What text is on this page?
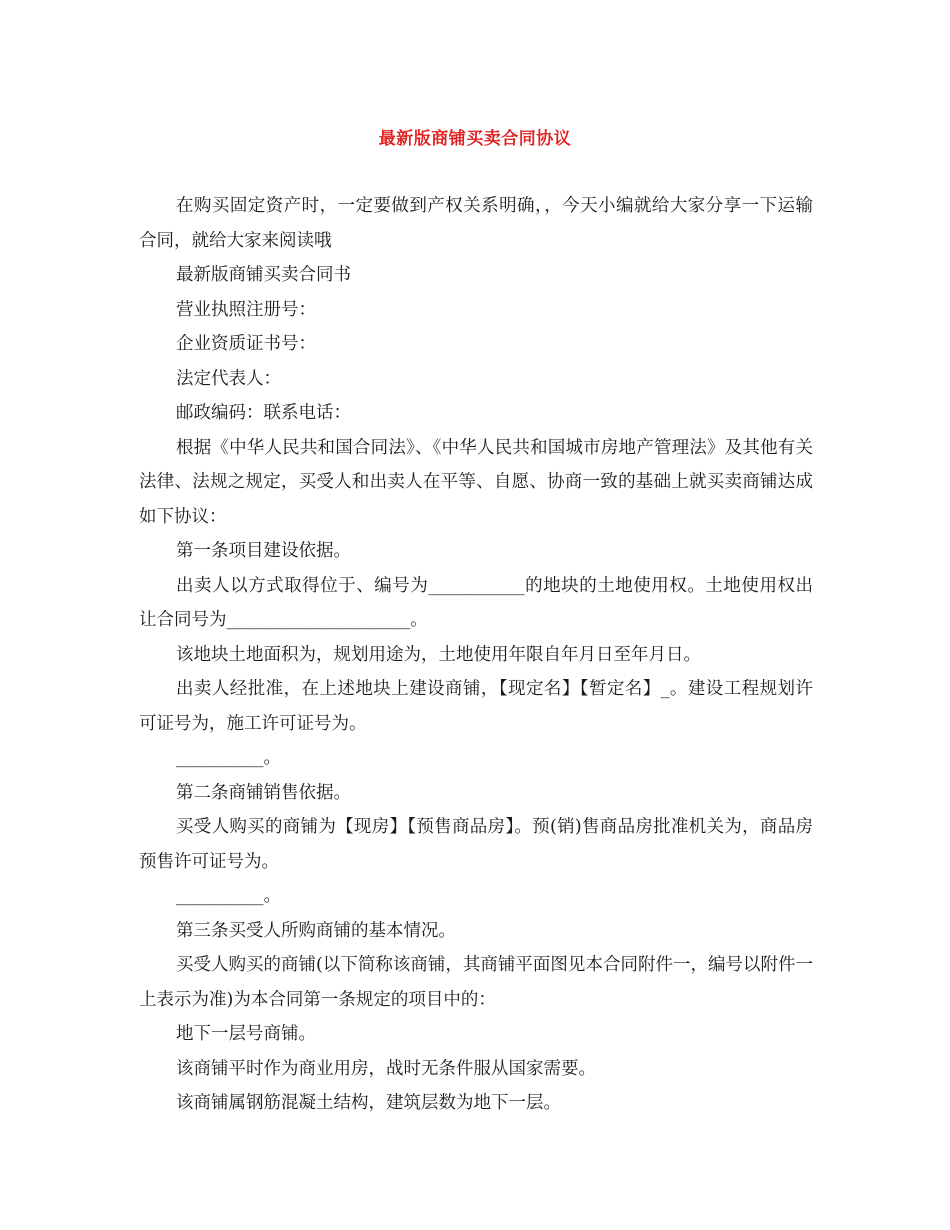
最新版商铺买卖合同协议

在购买固定资产时，一定要做到产权关系明确，，今天小编就给大家分享一下运输合同，就给大家来阅读哦

最新版商铺买卖合同书

营业执照注册号：

企业资质证书号：

法定代表人：

邮政编码：联系电话：

根据《中华人民共和国合同法》、《中华人民共和国城市房地产管理法》及其他有关法律、法规之规定，买受人和出卖人在平等、自愿、协商一致的基础上就买卖商铺达成如下协议：

第一条项目建设依据。

出卖人以方式取得位于、编号为___________的地块的土地使用权。土地使用权出让合同号为_____________________。

该地块土地面积为，规划用途为，土地使用年限自年月日至年月日。

出卖人经批准，在上述地块上建设商铺，【现定名】【暂定名】_。建设工程规划许可证号为，施工许可证号为。

__________。

第二条商铺销售依据。

买受人购买的商铺为【现房】【预售商品房】。预(销)售商品房批准机关为，商品房预售许可证号为。

__________。

第三条买受人所购商铺的基本情况。

买受人购买的商铺(以下简称该商铺，其商铺平面图见本合同附件一，编号以附件一上表示为准)为本合同第一条规定的项目中的：

地下一层号商铺。

该商铺平时作为商业用房，战时无条件服从国家需要。

该商铺属钢筋混凝土结构，建筑层数为地下一层。
